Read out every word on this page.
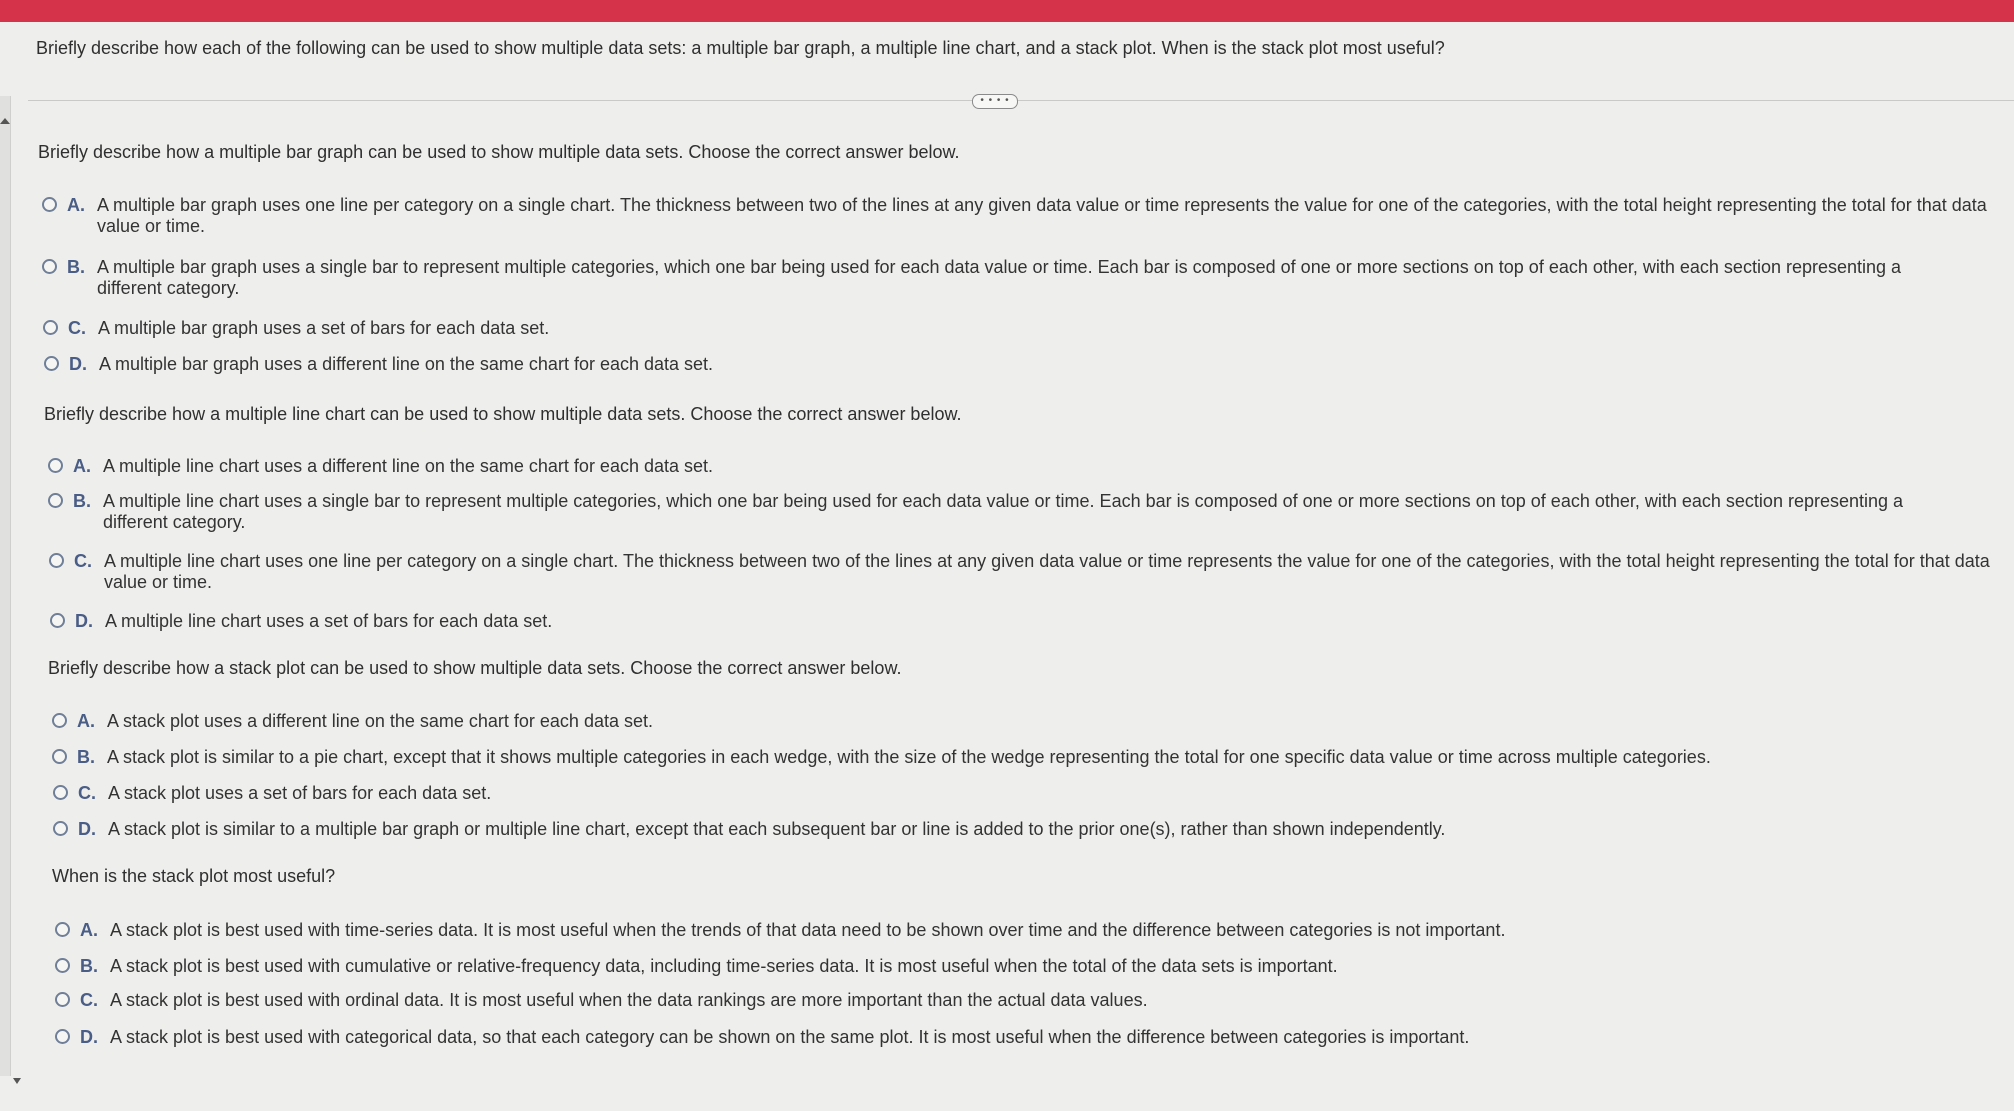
Briefly describe how each of the following can be used to show multiple data sets: a multiple bar graph, a multiple line chart, and a stack plot. When is the stack plot most useful?
• • • •
Briefly describe how a multiple bar graph can be used to show multiple data sets. Choose the correct answer below.
A. A multiple bar graph uses one line per category on a single chart. The thickness between two of the lines at any given data value or time represents the value for one of the categories, with the total height representing the total for that data value or time.
B. A multiple bar graph uses a single bar to represent multiple categories, which one bar being used for each data value or time. Each bar is composed of one or more sections on top of each other, with each section representing a different category.
C. A multiple bar graph uses a set of bars for each data set.
D. A multiple bar graph uses a different line on the same chart for each data set.
Briefly describe how a multiple line chart can be used to show multiple data sets. Choose the correct answer below.
A. A multiple line chart uses a different line on the same chart for each data set.
B. A multiple line chart uses a single bar to represent multiple categories, which one bar being used for each data value or time. Each bar is composed of one or more sections on top of each other, with each section representing a different category.
C. A multiple line chart uses one line per category on a single chart. The thickness between two of the lines at any given data value or time represents the value for one of the categories, with the total height representing the total for that data value or time.
D. A multiple line chart uses a set of bars for each data set.
Briefly describe how a stack plot can be used to show multiple data sets. Choose the correct answer below.
A. A stack plot uses a different line on the same chart for each data set.
B. A stack plot is similar to a pie chart, except that it shows multiple categories in each wedge, with the size of the wedge representing the total for one specific data value or time across multiple categories.
C. A stack plot uses a set of bars for each data set.
D. A stack plot is similar to a multiple bar graph or multiple line chart, except that each subsequent bar or line is added to the prior one(s), rather than shown independently.
When is the stack plot most useful?
A. A stack plot is best used with time-series data. It is most useful when the trends of that data need to be shown over time and the difference between categories is not important.
B. A stack plot is best used with cumulative or relative-frequency data, including time-series data. It is most useful when the total of the data sets is important.
C. A stack plot is best used with ordinal data. It is most useful when the data rankings are more important than the actual data values.
D. A stack plot is best used with categorical data, so that each category can be shown on the same plot. It is most useful when the difference between categories is important.
